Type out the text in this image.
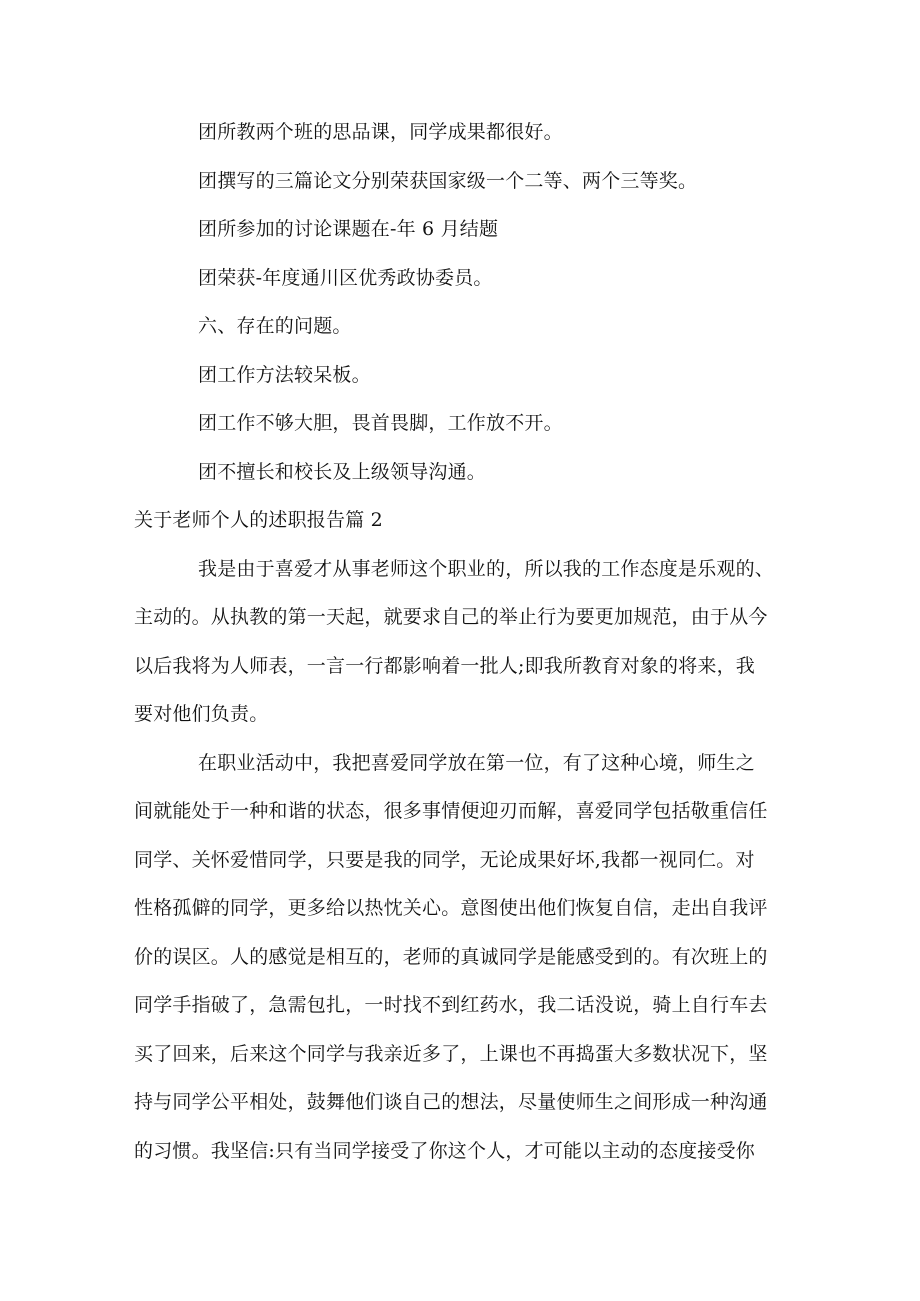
团所教两个班的思品课，同学成果都很好。
团撰写的三篇论文分别荣获国家级一个二等、两个三等奖。
团所参加的讨论课题在-年 6 月结题
团荣获-年度通川区优秀政协委员。
六、存在的问题。
团工作方法较呆板。
团工作不够大胆，畏首畏脚，工作放不开。
团不擅长和校长及上级领导沟通。
关于老师个人的述职报告篇 2
我是由于喜爱才从事老师这个职业的，所以我的工作态度是乐观的、
主动的。从执教的第一天起，就要求自己的举止行为要更加规范，由于从今
以后我将为人师表，一言一行都影响着一批人;即我所教育对象的将来，我
要对他们负责。
在职业活动中，我把喜爱同学放在第一位，有了这种心境，师生之
间就能处于一种和谐的状态，很多事情便迎刃而解，喜爱同学包括敬重信任
同学、关怀爱惜同学，只要是我的同学，无论成果好坏,我都一视同仁。对
性格孤僻的同学，更多给以热忱关心。意图使出他们恢复自信，走出自我评
价的误区。人的感觉是相互的，老师的真诚同学是能感受到的。有次班上的
同学手指破了，急需包扎，一时找不到红药水，我二话没说，骑上自行车去
买了回来，后来这个同学与我亲近多了，上课也不再捣蛋大多数状况下，坚
持与同学公平相处，鼓舞他们谈自己的想法，尽量使师生之间形成一种沟通
的习惯。我坚信:只有当同学接受了你这个人，才可能以主动的态度接受你
